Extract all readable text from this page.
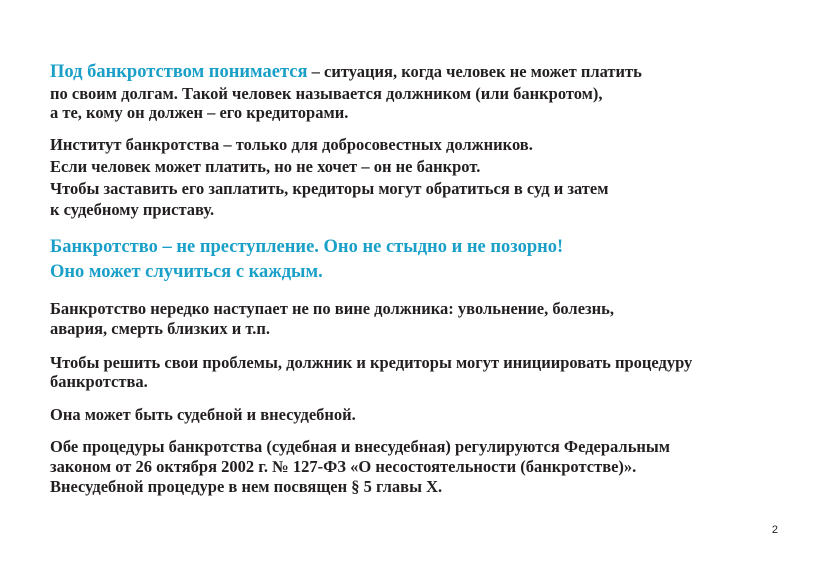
Под банкротством понимается – ситуация, когда человек не может платить
по своим долгам. Такой человек называется должником (или банкротом),
а те, кому он должен – его кредиторами.
Институт банкротства – только для добросовестных должников.
Если человек может платить, но не хочет – он не банкрот.
Чтобы заставить его заплатить, кредиторы могут обратиться в суд и затем
к судебному приставу.
Банкротство – не преступление. Оно не стыдно и не позорно!
Оно может случиться с каждым.
Банкротство нередко наступает не по вине должника: увольнение, болезнь,
авария, смерть близких и т.п.
Чтобы решить свои проблемы, должник и кредиторы могут инициировать процедуру
банкротства.
Она может быть судебной и внесудебной.
Обе процедуры банкротства (судебная и внесудебная) регулируются Федеральным
законом от 26 октября 2002 г. № 127-ФЗ «О несостоятельности (банкротстве)».
Внесудебной процедуре в нем посвящен § 5 главы Х.
2
